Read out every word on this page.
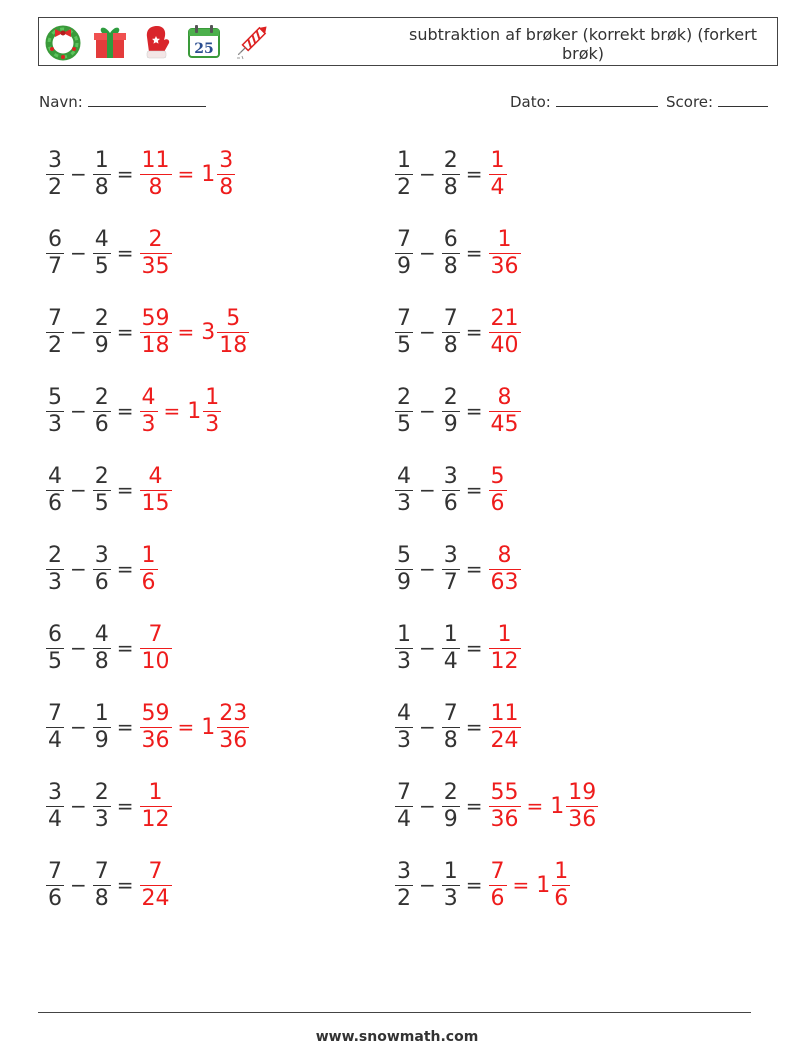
25
subtraktion af brøker (korrekt brøk) (forkert brøk)
Navn:	Dato:	Score:
$\frac{3}{2} - \frac{1}{8} = \frac{11}{8} = 1 \frac{3}{8}$	$\frac{1}{2} - \frac{2}{8} = \frac{1}{4}$
$\frac{6}{7} - \frac{4}{5} = \frac{2}{35}$	$\frac{7}{9} - \frac{6}{8} = \frac{1}{36}$
$\frac{7}{2} - \frac{2}{9} = \frac{59}{18} = 3 \frac{5}{18}$	$\frac{7}{5} - \frac{7}{8} = \frac{21}{40}$
$\frac{5}{3} - \frac{2}{6} = \frac{4}{3} = 1 \frac{1}{3}$	$\frac{2}{5} - \frac{2}{9} = \frac{8}{45}$
$\frac{4}{6} - \frac{2}{5} = \frac{4}{15}$	$\frac{4}{3} - \frac{3}{6} = \frac{5}{6}$
$\frac{2}{3} - \frac{3}{6} = \frac{1}{6}$	$\frac{5}{9} - \frac{3}{7} = \frac{8}{63}$
$\frac{6}{5} - \frac{4}{8} = \frac{7}{10}$	$\frac{1}{3} - \frac{1}{4} = \frac{1}{12}$
$\frac{7}{4} - \frac{1}{9} = \frac{59}{36} = 1 \frac{23}{36}$	$\frac{4}{3} - \frac{7}{8} = \frac{11}{24}$
$\frac{3}{4} - \frac{2}{3} = \frac{1}{12}$	$\frac{7}{4} - \frac{2}{9} = \frac{55}{36} = 1 \frac{19}{36}$
$\frac{7}{6} - \frac{7}{8} = \frac{7}{24}$	$\frac{3}{2} - \frac{1}{3} = \frac{7}{6} = 1 \frac{1}{6}$
www.snowmath.com
